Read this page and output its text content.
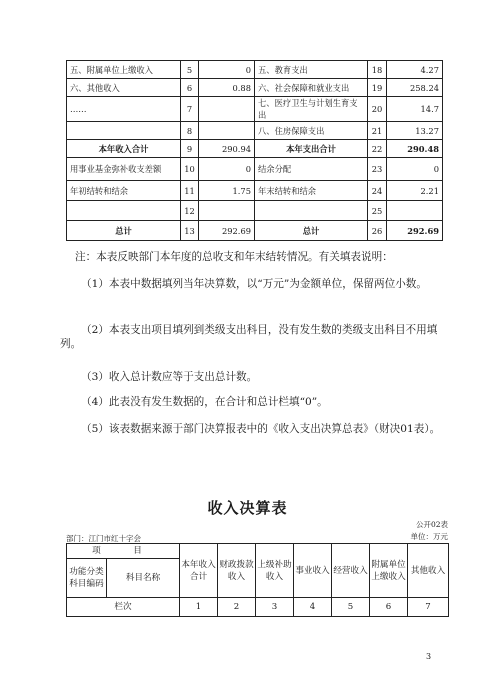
五、附属单位上缴收入	5	0	五、教育支出	18	4.27
六、其他收入	6	0.88	六、社会保障和就业支出	19	258.24
……	7		七、医疗卫生与计划生育支出	20	14.7
	8		八、住房保障支出	21	13.27
本年收入合计	9	290.94	本年支出合计	22	290.48
用事业基金弥补收支差额	10	0	结余分配	23	0
年初结转和结余	11	1.75	年末结转和结余	24	2.21
	12			25	
总计	13	292.69	总计	26	292.69

注：本表反映部门本年度的总收支和年末结转情况。有关填表说明：

（1）本表中数据填列当年决算数，以“万元”为金额单位，保留两位小数。

（2）本表支出项目填列到类级支出科目，没有发生数的类级支出科目不用填列。

（3）收入总计数应等于支出总计数。

（4）此表没有发生数据的，在合计和总计栏填“0”。

（5）该表数据来源于部门决算报表中的《收入支出决算总表》（财决01表）。

收入决算表
公开02表
部门：江门市红十字会	单位：万元
项　目		本年收入合计	财政拨款收入	上级补助收入	事业收入	经营收入	附属单位上缴收入	其他收入
功能分类科目编码	科目名称							
栏次		1	2	3	4	5	6	7
3
